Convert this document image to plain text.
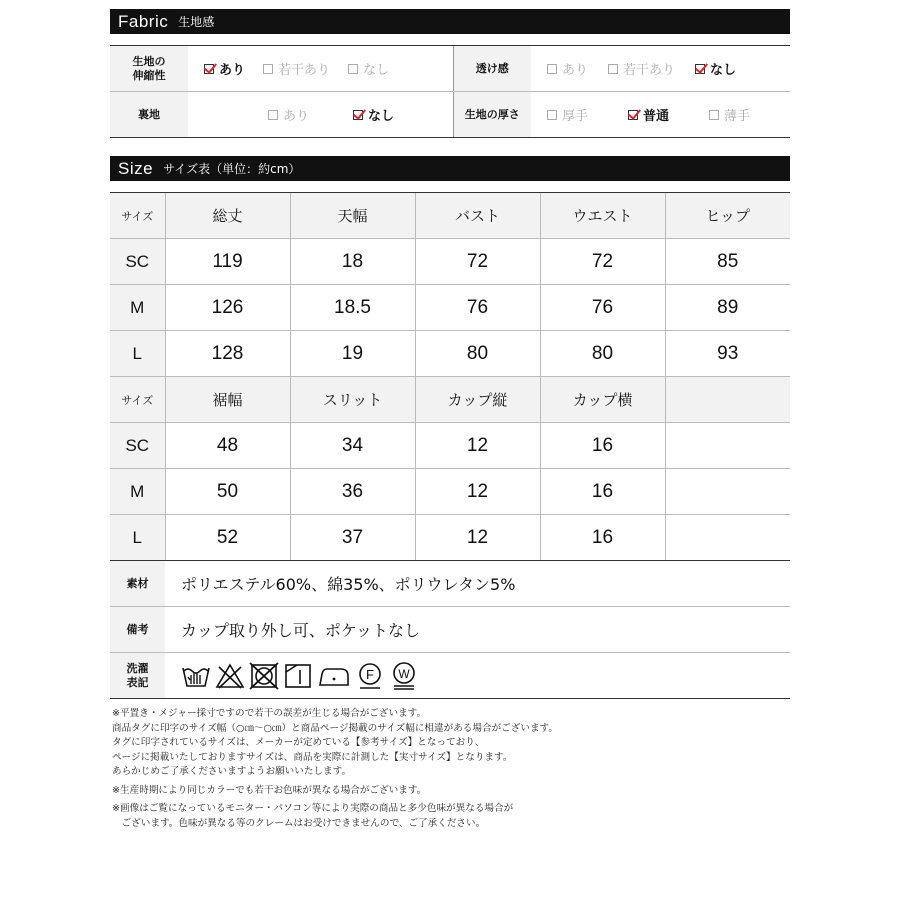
Fabric 生地感
生地の
伸縮性	あり 若干あり なし	透け感	あり 若干あり なし

裏地	あり なし	生地の厚さ	厚手 普通 薄手
Size サイズ表（単位：約cm）
サイズ	総丈	天幅	バスト	ウエスト	ヒップ
SC	119	18	72	72	85
M	126	18.5	76	76	89
L	128	19	80	80	93
サイズ	裾幅	スリット	カップ縦	カップ横	
SC	48	34	12	16	
M	50	36	12	16	
L	52	37	12	16	
素材	ポリエステル60%、綿35%、ポリウレタン5%
備考	カップ取り外し可、ポケットなし
洗濯
表記	F W
※平置き・メジャー採寸ですので若干の誤差が生じる場合がございます。
商品タグに印字のサイズ幅（○㎝～○㎝）と商品ページ掲載のサイズ幅に相違がある場合がございます。
タグに印字されているサイズは、メーカーが定めている【参考サイズ】となっており、
ページに掲載いたしておりますサイズは、商品を実際に計測した【実寸サイズ】となります。
あらかじめご了承くださいますようお願いいたします。
※生産時期により同じカラーでも若干お色味が異なる場合がございます。
※画像はご覧になっているモニター・パソコン等により実際の商品と多少色味が異なる場合が
　ございます。色味が異なる等のクレームはお受けできませんので、ご了承ください。
